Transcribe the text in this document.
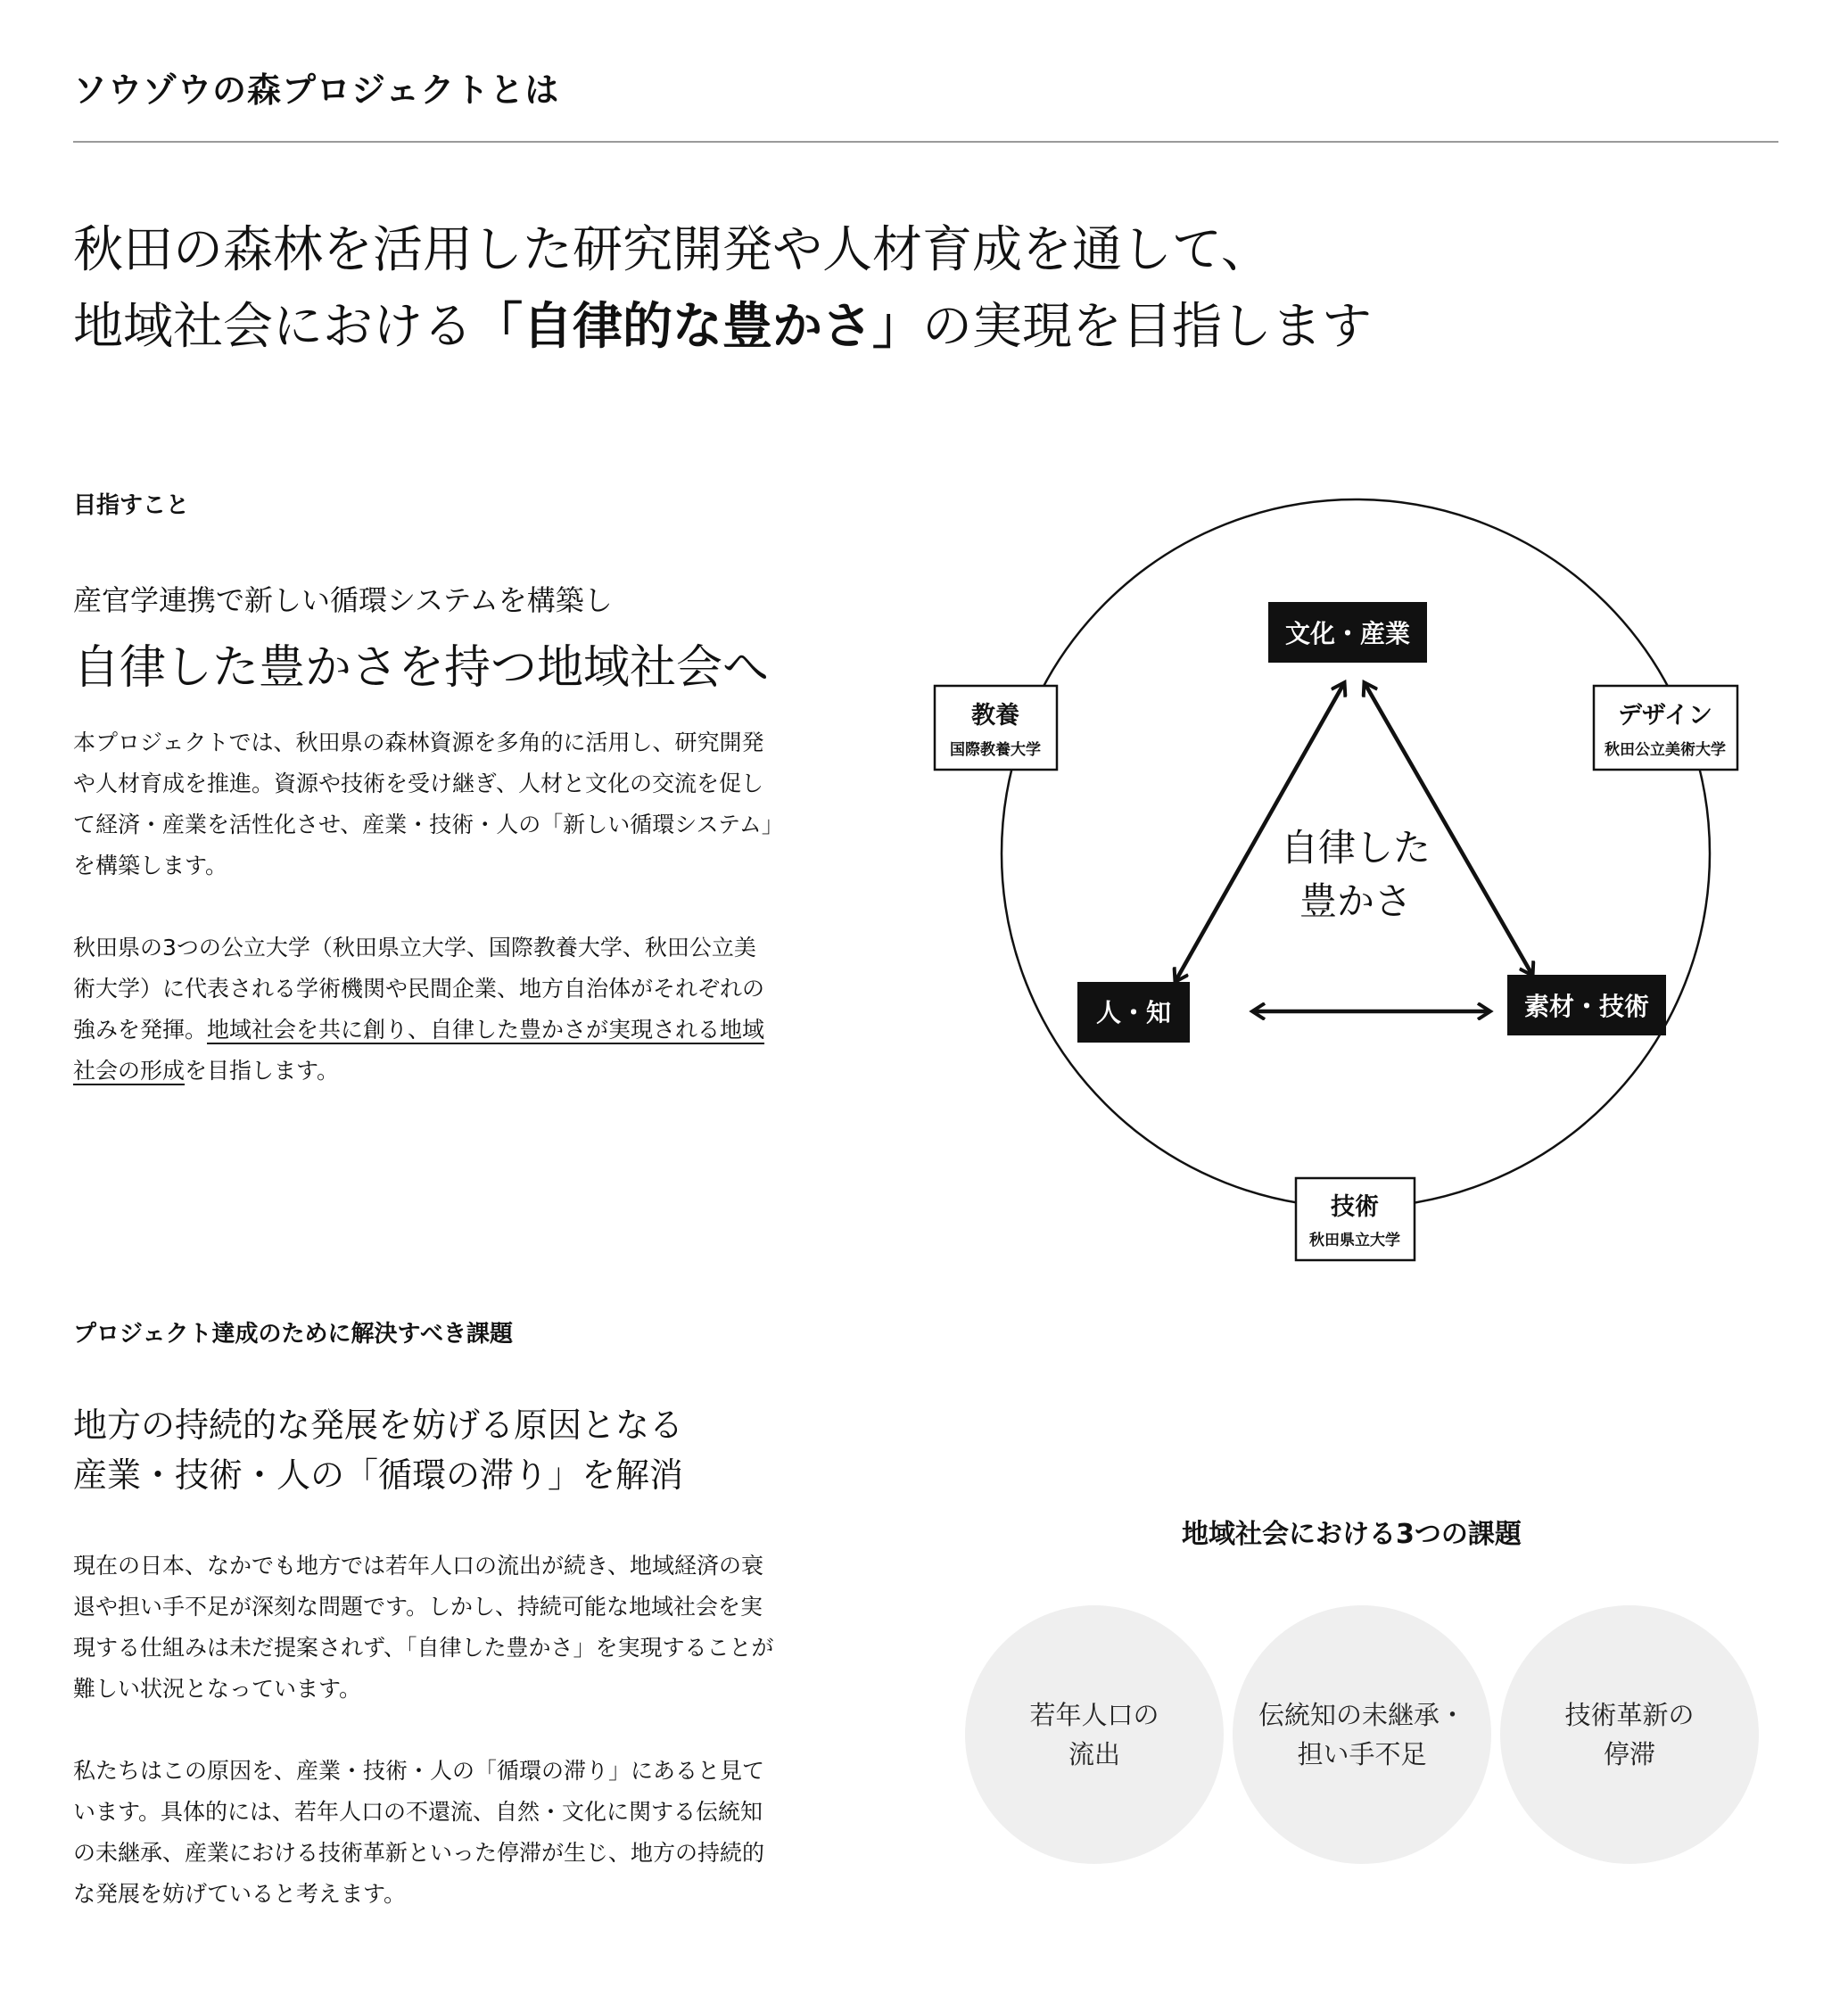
ソウゾウの森プロジェクトとは
秋田の森林を活用した研究開発や人材育成を通して、
地域社会における「自律的な豊かさ」の実現を目指します
目指すこと
産官学連携で新しい循環システムを構築し
自律した豊かさを持つ地域社会へ

本プロジェクトでは、秋田県の森林資源を多角的に活用し、研究開発や人材育成を推進。資源や技術を受け継ぎ、人材と文化の交流を促して経済・産業を活性化させ、産業・技術・人の「新しい循環システム」を構築します。

秋田県の3つの公立大学（秋田県立大学、国際教養大学、秋田公立美術大学）に代表される学術機関や民間企業、地方自治体がそれぞれの強みを発揮。地域社会を共に創り、自律した豊かさが実現される地域社会の形成を目指します。

自律した
豊かさ
文化・産業
人・知	素材・技術
教養
国際教養大学
デザイン
秋田公立美術大学
技術
秋田県立大学
プロジェクト達成のために解決すべき課題
地方の持続的な発展を妨げる原因となる
産業・技術・人の「循環の滞り」を解消

現在の日本、なかでも地方では若年人口の流出が続き、地域経済の衰退や担い手不足が深刻な問題です。しかし、持続可能な地域社会を実現する仕組みは未だ提案されず、「自律した豊かさ」を実現することが難しい状況となっています。

私たちはこの原因を、産業・技術・人の「循環の滞り」にあると見ています。具体的には、若年人口の不還流、自然・文化に関する伝統知の未継承、産業における技術革新といった停滞が生じ、地方の持続的な発展を妨げていると考えます。

地域社会における3つの課題
若年人口の
流出
伝統知の未継承・
担い手不足
技術革新の
停滞
